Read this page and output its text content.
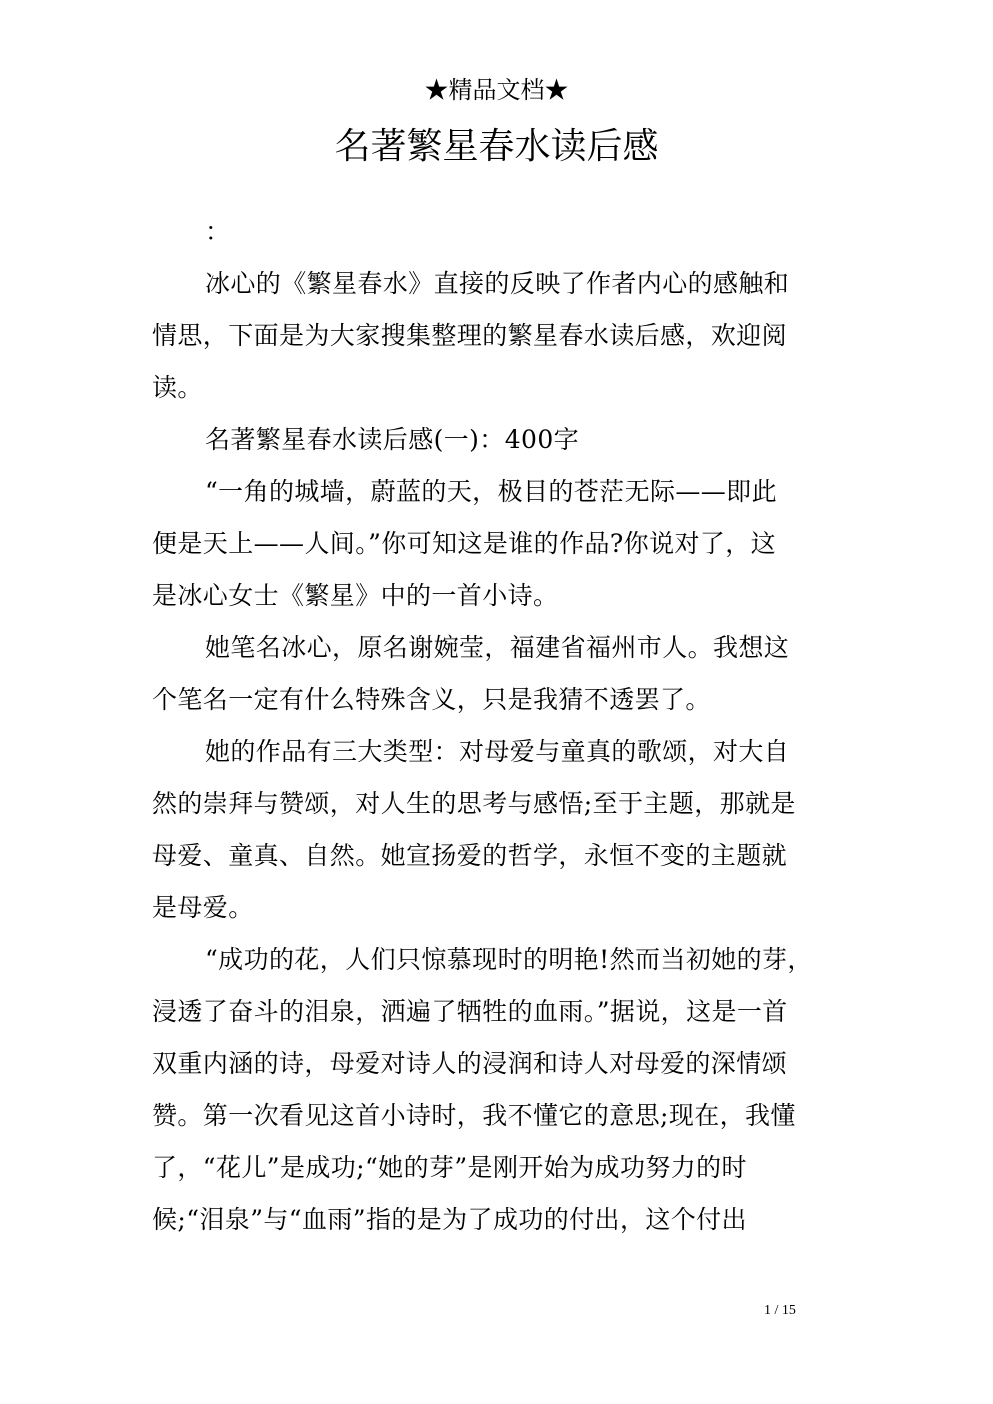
★精品文档★
名著繁星春水读后感
：
冰心的《繁星春水》直接的反映了作者内心的感触和
情思，下面是为大家搜集整理的繁星春水读后感，欢迎阅
读。
名著繁星春水读后感(一)：400字
“一角的城墙，蔚蓝的天，极目的苍茫无际——即此
便是天上——人间。”你可知这是谁的作品?你说对了，这
是冰心女士《繁星》中的一首小诗。
她笔名冰心，原名谢婉莹，福建省福州市人。我想这
个笔名一定有什么特殊含义，只是我猜不透罢了。
她的作品有三大类型：对母爱与童真的歌颂，对大自
然的崇拜与赞颂，对人生的思考与感悟;至于主题，那就是
母爱、童真、自然。她宣扬爱的哲学，永恒不变的主题就
是母爱。
“成功的花，人们只惊慕现时的明艳!然而当初她的芽，
浸透了奋斗的泪泉，洒遍了牺牲的血雨。”据说，这是一首
双重内涵的诗，母爱对诗人的浸润和诗人对母爱的深情颂
赞。第一次看见这首小诗时，我不懂它的意思;现在，我懂
了，“花儿”是成功;“她的芽”是刚开始为成功努力的时
候;“泪泉”与“血雨”指的是为了成功的付出，这个付出
1 / 15
